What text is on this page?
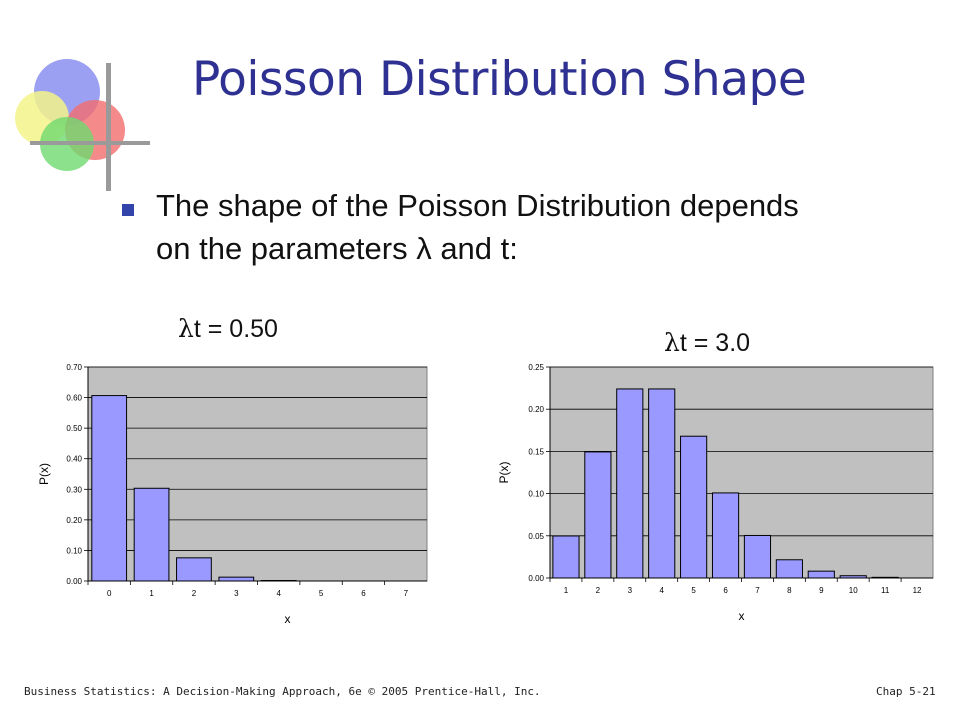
Poisson Distribution Shape
The shape of the Poisson Distribution depends on the parameters λ and t:
λt = 0.50	λt = 3.0
0.00
0.10
0.20
0.30
0.40
0.50
0.60
0.70
0	1	2	3	4	5	6	7
x
P(x)
0.00
0.05
0.10
0.15
0.20
0.25
1	2	3	4	5	6	7	8	9	10	11	12
x
P(x)
Business Statistics: A Decision-Making Approach, 6e © 2005 Prentice-Hall, Inc.	Chap 5-21
